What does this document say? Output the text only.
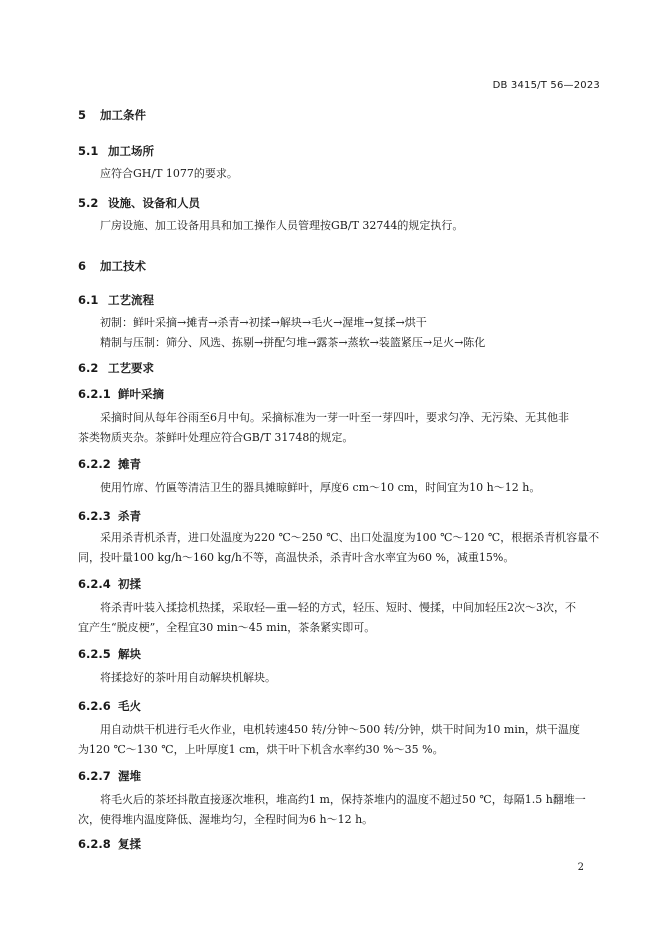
DB 3415/T 56—2023
5 加工条件
5.1 加工场所
应符合GH/T 1077的要求。
5.2 设施、设备和人员
厂房设施、加工设备用具和加工操作人员管理按GB/T 32744的规定执行。
6 加工技术
6.1 工艺流程
初制：鲜叶采摘→摊青→杀青→初揉→解块→毛火→渥堆→复揉→烘干
精制与压制：筛分、风选、拣剔→拼配匀堆→露茶→蒸软→装篮紧压→足火→陈化
6.2 工艺要求
6.2.1 鲜叶采摘
采摘时间从每年谷雨至6月中旬。采摘标准为一芽一叶至一芽四叶，要求匀净、无污染、无其他非
茶类物质夹杂。茶鲜叶处理应符合GB/T 31748的规定。
6.2.2 摊青
使用竹席、竹匾等清洁卫生的器具摊晾鲜叶，厚度6 cm～10 cm，时间宜为10 h～12 h。
6.2.3 杀青
采用杀青机杀青，进口处温度为220 ℃～250 ℃、出口处温度为100 ℃～120 ℃，根据杀青机容量不
同，投叶量100 kg/h～160 kg/h不等，高温快杀，杀青叶含水率宜为60 %，减重15%。
6.2.4 初揉
将杀青叶装入揉捻机热揉，采取轻—重—轻的方式，轻压、短时、慢揉，中间加轻压2次～3次，不
宜产生“脱皮梗”，全程宜30 min～45 min，茶条紧实即可。
6.2.5 解块
将揉捻好的茶叶用自动解块机解块。
6.2.6 毛火
用自动烘干机进行毛火作业，电机转速450 转/分钟～500 转/分钟，烘干时间为10 min，烘干温度
为120 ℃～130 ℃，上叶厚度1 cm，烘干叶下机含水率约30 %～35 %。
6.2.7 渥堆
将毛火后的茶坯抖散直接逐次堆积，堆高约1 m，保持茶堆内的温度不超过50 ℃，每隔1.5 h翻堆一
次，使得堆内温度降低、渥堆均匀，全程时间为6 h～12 h。
6.2.8 复揉
2
